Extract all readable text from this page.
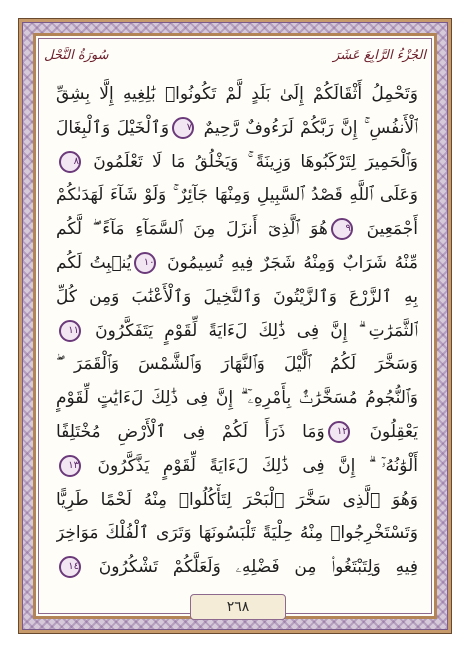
الجُزْءُ الرَّابِعَ عَشَرَ
سُورَةُ النَّحْل
وَتَحْمِلُ أَثْقَالَكُمْ إِلَىٰ بَلَدٍ لَّمْ تَكُونُوا۟ بَٰلِغِيهِ إِلَّا بِشِقِّ
ٱلْأَنفُسِ ۚ إِنَّ رَبَّكُمْ لَرَءُوفٌ رَّحِيمٌ ٧وَٱلْخَيْلَ وَٱلْبِغَالَ
وَٱلْحَمِيرَ لِتَرْكَبُوهَا وَزِينَةً ۚ وَيَخْلُقُ مَا لَا تَعْلَمُونَ ٨
وَعَلَى ٱللَّهِ قَصْدُ ٱلسَّبِيلِ وَمِنْهَا جَآئِرٌ ۚ وَلَوْ شَآءَ لَهَدَىٰكُمْ
أَجْمَعِينَ ٩هُوَ ٱلَّذِىٓ أَنزَلَ مِنَ ٱلسَّمَآءِ مَآءً ۖ لَّكُم
مِّنْهُ شَرَابٌ وَمِنْهُ شَجَرٌ فِيهِ تُسِيمُونَ ١٠يُنۢبِتُ لَكُم
بِهِ ٱلزَّرْعَ وَٱلزَّيْتُونَ وَٱلنَّخِيلَ وَٱلْأَعْنَٰبَ وَمِن كُلِّ
ٱلثَّمَرَٰتِ ۗ إِنَّ فِى ذَٰلِكَ لَءَايَةً لِّقَوْمٍ يَتَفَكَّرُونَ ١١
وَسَخَّرَ لَكُمُ ٱلَّيْلَ وَٱلنَّهَارَ وَٱلشَّمْسَ وَٱلْقَمَرَ ۖ
وَٱلنُّجُومُ مُسَخَّرَٰتٌۢ بِأَمْرِهِۦٓ ۗ إِنَّ فِى ذَٰلِكَ لَءَايَٰتٍ لِّقَوْمٍ
يَعْقِلُونَ ١٢وَمَا ذَرَأَ لَكُمْ فِى ٱلْأَرْضِ مُخْتَلِفًا
أَلْوَٰنُهُۥٓ ۗ إِنَّ فِى ذَٰلِكَ لَءَايَةً لِّقَوْمٍ يَذَّكَّرُونَ ١٣
وَهُوَ ٱلَّذِى سَخَّرَ ٱلْبَحْرَ لِتَأْكُلُوا۟ مِنْهُ لَحْمًا طَرِيًّا
وَتَسْتَخْرِجُوا۟ مِنْهُ حِلْيَةً تَلْبَسُونَهَا وَتَرَى ٱلْفُلْكَ مَوَاخِرَ
فِيهِ وَلِتَبْتَغُوا۟ مِن فَضْلِهِۦ وَلَعَلَّكُمْ تَشْكُرُونَ ١٤
٢٦٨
